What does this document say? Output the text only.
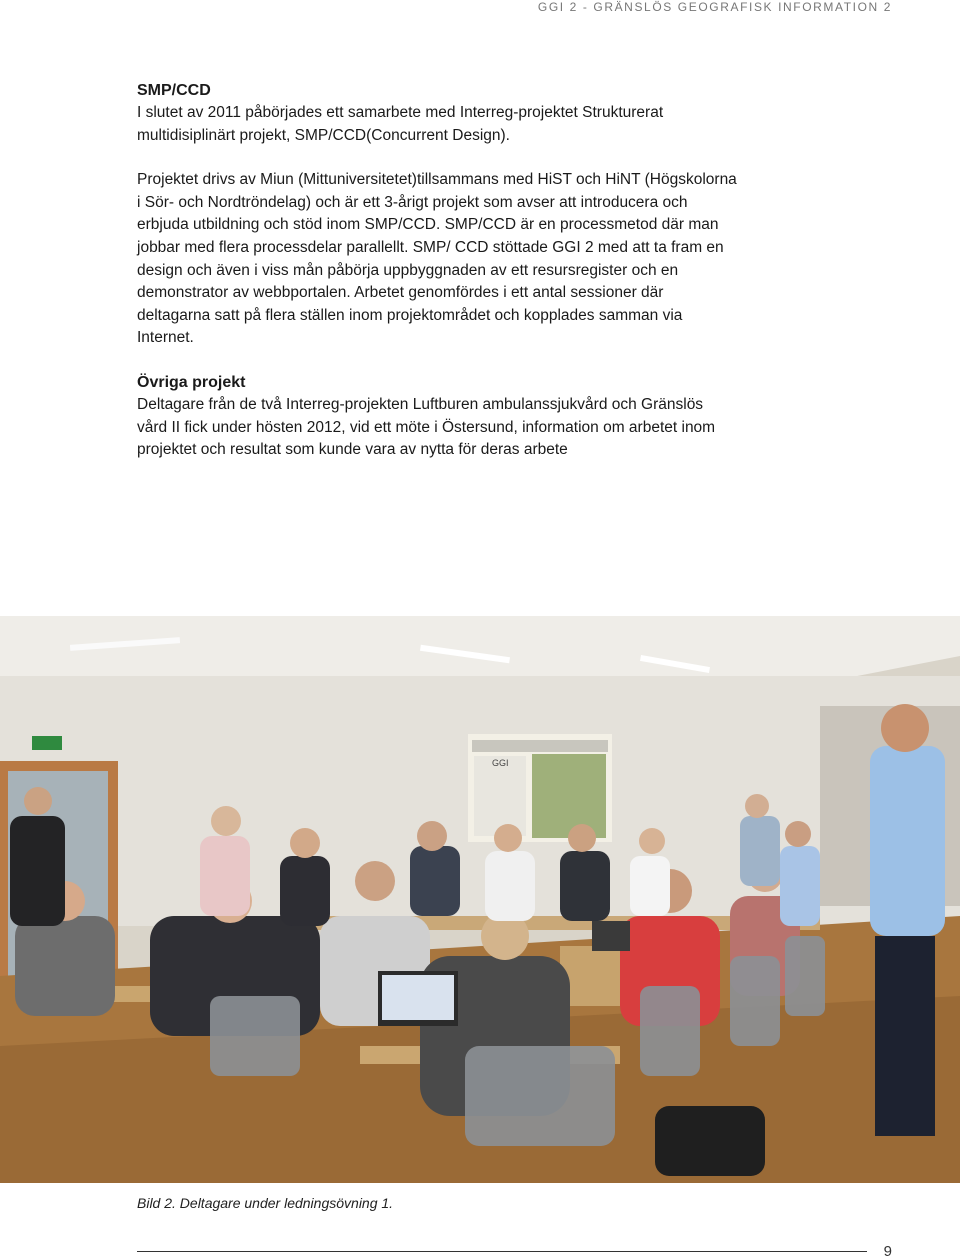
GGI 2 - GRÄNSLÖS GEOGRAFISK INFORMATION 2
SMP/CCD

I slutet av 2011 påbörjades ett samarbete med Interreg-projektet Strukturerat multidisiplinärt projekt, SMP/CCD(Concurrent Design).

Projektet drivs av Miun (Mittuniversitetet)tillsammans med HiST och HiNT (Högskolorna i Sör- och Nordtröndelag) och är ett 3-årigt projekt som avser att introducera och erbjuda utbildning och stöd inom SMP/CCD. SMP/CCD är en processmetod där man jobbar med flera processdelar parallellt. SMP/ CCD stöttade GGI 2 med att ta fram en design och även i viss mån påbörja uppbyggnaden av ett resursregister och en demonstrator av webbportalen. Arbetet genomfördes i ett antal sessioner där deltagarna satt på flera ställen inom projektområdet och kopplades samman via Internet.

Övriga projekt

Deltagare från de två Interreg-projekten Luftburen ambulanssjukvård och Gränslös vård II fick under hösten 2012, vid ett möte i Östersund, information om arbetet inom projektet och resultat som kunde vara av nytta för deras arbete

GGI
Bild 2. Deltagare under ledningsövning 1.
9
